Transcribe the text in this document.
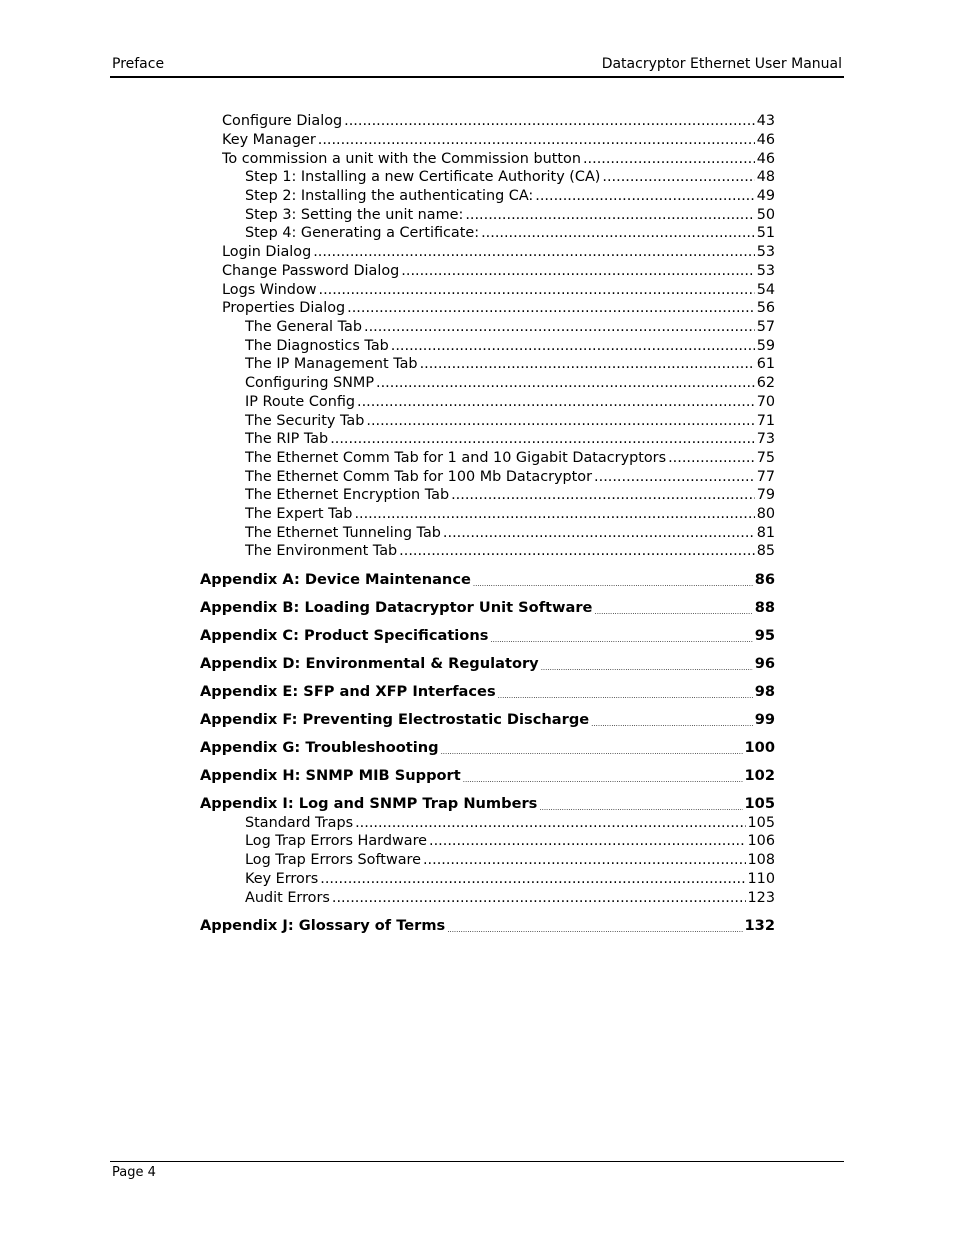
Preface	Datacryptor Ethernet User Manual
Configure Dialog .....	43
Key Manager .....	46
To commission a unit with the Commission button .....	46
Step 1: Installing a new Certificate Authority (CA) .....	48
Step 2: Installing the authenticating CA: .....	49
Step 3: Setting the unit name: .....	50
Step 4: Generating a Certificate: .....	51
Login Dialog .....	53
Change Password Dialog .....	53
Logs Window .....	54
Properties Dialog .....	56
The General Tab .....	57
The Diagnostics Tab .....	59
The IP Management Tab .....	61
Configuring SNMP .....	62
IP Route Config .....	70
The Security Tab .....	71
The RIP Tab .....	73
The Ethernet Comm Tab for 1 and 10 Gigabit Datacryptors .....	75
The Ethernet Comm Tab for 100 Mb Datacryptor .....	77
The Ethernet Encryption Tab .....	79
The Expert Tab .....	80
The Ethernet Tunneling Tab .....	81
The Environment Tab .....	85
Appendix A: Device Maintenance .....	86
Appendix B: Loading Datacryptor Unit Software .....	88
Appendix C: Product Specifications .....	95
Appendix D: Environmental & Regulatory .....	96
Appendix E: SFP and XFP Interfaces .....	98
Appendix F: Preventing Electrostatic Discharge .....	99
Appendix G: Troubleshooting .....	100
Appendix H: SNMP MIB Support .....	102
Appendix I: Log and SNMP Trap Numbers .....	105
Standard Traps .....	105
Log Trap Errors Hardware .....	106
Log Trap Errors Software .....	108
Key Errors .....	110
Audit Errors .....	123
Appendix J: Glossary of Terms .....	132
Page 4
